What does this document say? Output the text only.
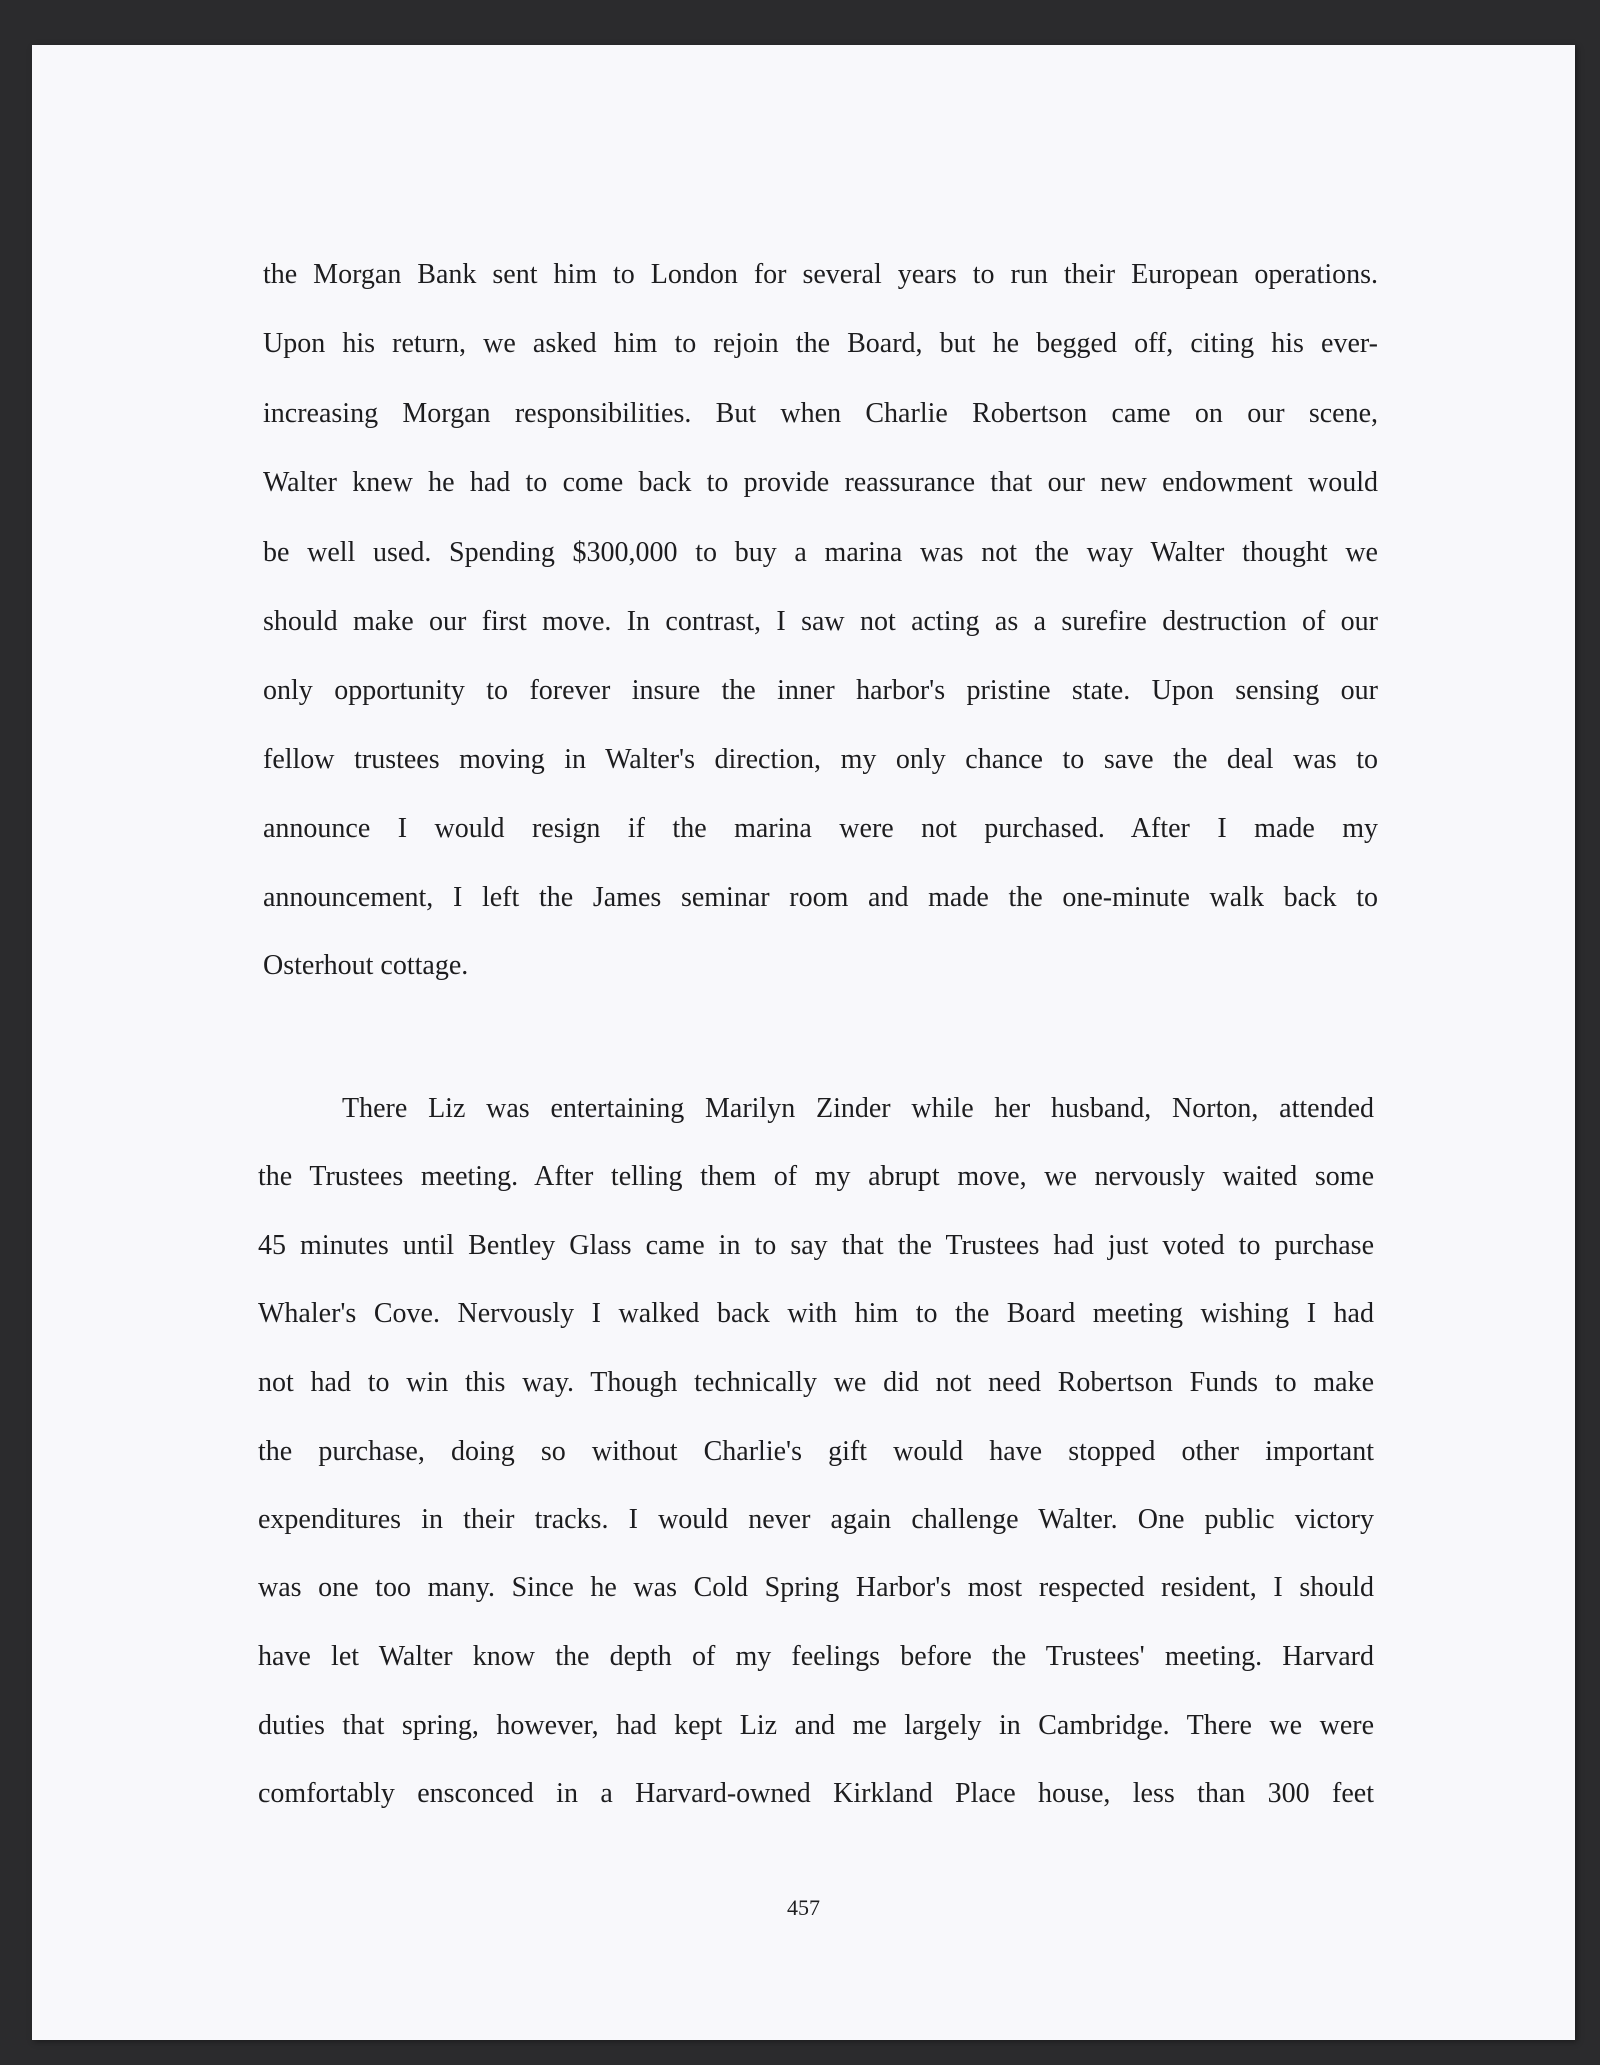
the Morgan Bank sent him to London for several years to run their European operations.
Upon his return, we asked him to rejoin the Board, but he begged off, citing his ever-
increasing Morgan responsibilities. But when Charlie Robertson came on our scene,
Walter knew he had to come back to provide reassurance that our new endowment would
be well used. Spending $300,000 to buy a marina was not the way Walter thought we
should make our first move. In contrast, I saw not acting as a surefire destruction of our
only opportunity to forever insure the inner harbor's pristine state. Upon sensing our
fellow trustees moving in Walter's direction, my only chance to save the deal was to
announce I would resign if the marina were not purchased. After I made my
announcement, I left the James seminar room and made the one-minute walk back to
Osterhout cottage.
There Liz was entertaining Marilyn Zinder while her husband, Norton, attended
the Trustees meeting. After telling them of my abrupt move, we nervously waited some
45 minutes until Bentley Glass came in to say that the Trustees had just voted to purchase
Whaler's Cove. Nervously I walked back with him to the Board meeting wishing I had
not had to win this way. Though technically we did not need Robertson Funds to make
the purchase, doing so without Charlie's gift would have stopped other important
expenditures in their tracks. I would never again challenge Walter. One public victory
was one too many. Since he was Cold Spring Harbor's most respected resident, I should
have let Walter know the depth of my feelings before the Trustees' meeting. Harvard
duties that spring, however, had kept Liz and me largely in Cambridge. There we were
comfortably ensconced in a Harvard-owned Kirkland Place house, less than 300 feet
457
